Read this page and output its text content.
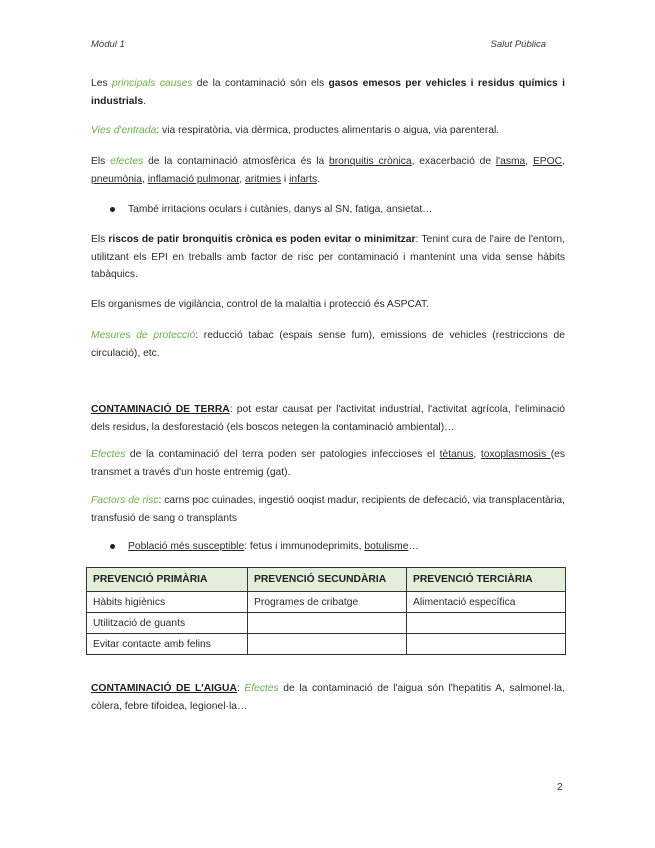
Mòdul 1	Salut Pública

Les principals causes de la contaminació són els gasos emesos per vehicles i residus químics i industrials.

Vies d'entrada: via respiratòria, via dèrmica, productes alimentaris o aigua, via parenteral.

Els efectes de la contaminació atmosfèrica és la bronquitis crònica, exacerbació de l'asma, EPOC, pneumònia, inflamació pulmonar, aritmies i infarts.

També irritacions oculars i cutànies, danys al SN, fatiga, ansietat…

Els riscos de patir bronquitis crònica es poden evitar o minimitzar: Tenint cura de l'aire de l'entorn, utilitzant els EPI en treballs amb factor de risc per contaminació i mantenint una vida sense hàbits tabàquics.

Els organismes de vigilància, control de la malaltia i protecció és ASPCAT.

Mesures de protecció: reducció tabac (espais sense fum), emissions de vehicles (restriccions de circulació), etc.

CONTAMINACIÓ DE TERRA: pot estar causat per l'activitat industrial, l'activitat agrícola, l'eliminació dels residus, la desforestació (els boscos netegen la contaminació ambiental)…

Efectes de la contaminació del terra poden ser patologies infeccioses el tètanus, toxoplasmosis (es transmet a través d'un hoste entremig (gat).

Factors de risc: carns poc cuinades, ingestió ooqist madur, recipients de defecació, via transplacentària, transfusió de sang o transplants

Població més susceptible: fetus i immunodeprimits, botulisme…
PREVENCIÓ PRIMÀRIA	PREVENCIÓ SECUNDÀRIA	PREVENCIÓ TERCIÀRIA
Hàbits higiènics	Programes de cribatge	Alimentació específica
Utilització de guants		
Evitar contacte amb felins		

CONTAMINACIÓ DE L'AIGUA: Efectes de la contaminació de l'aigua són l'hepatitis A, salmonel·la, còlera, febre tifoidea, legionel·la…

2
